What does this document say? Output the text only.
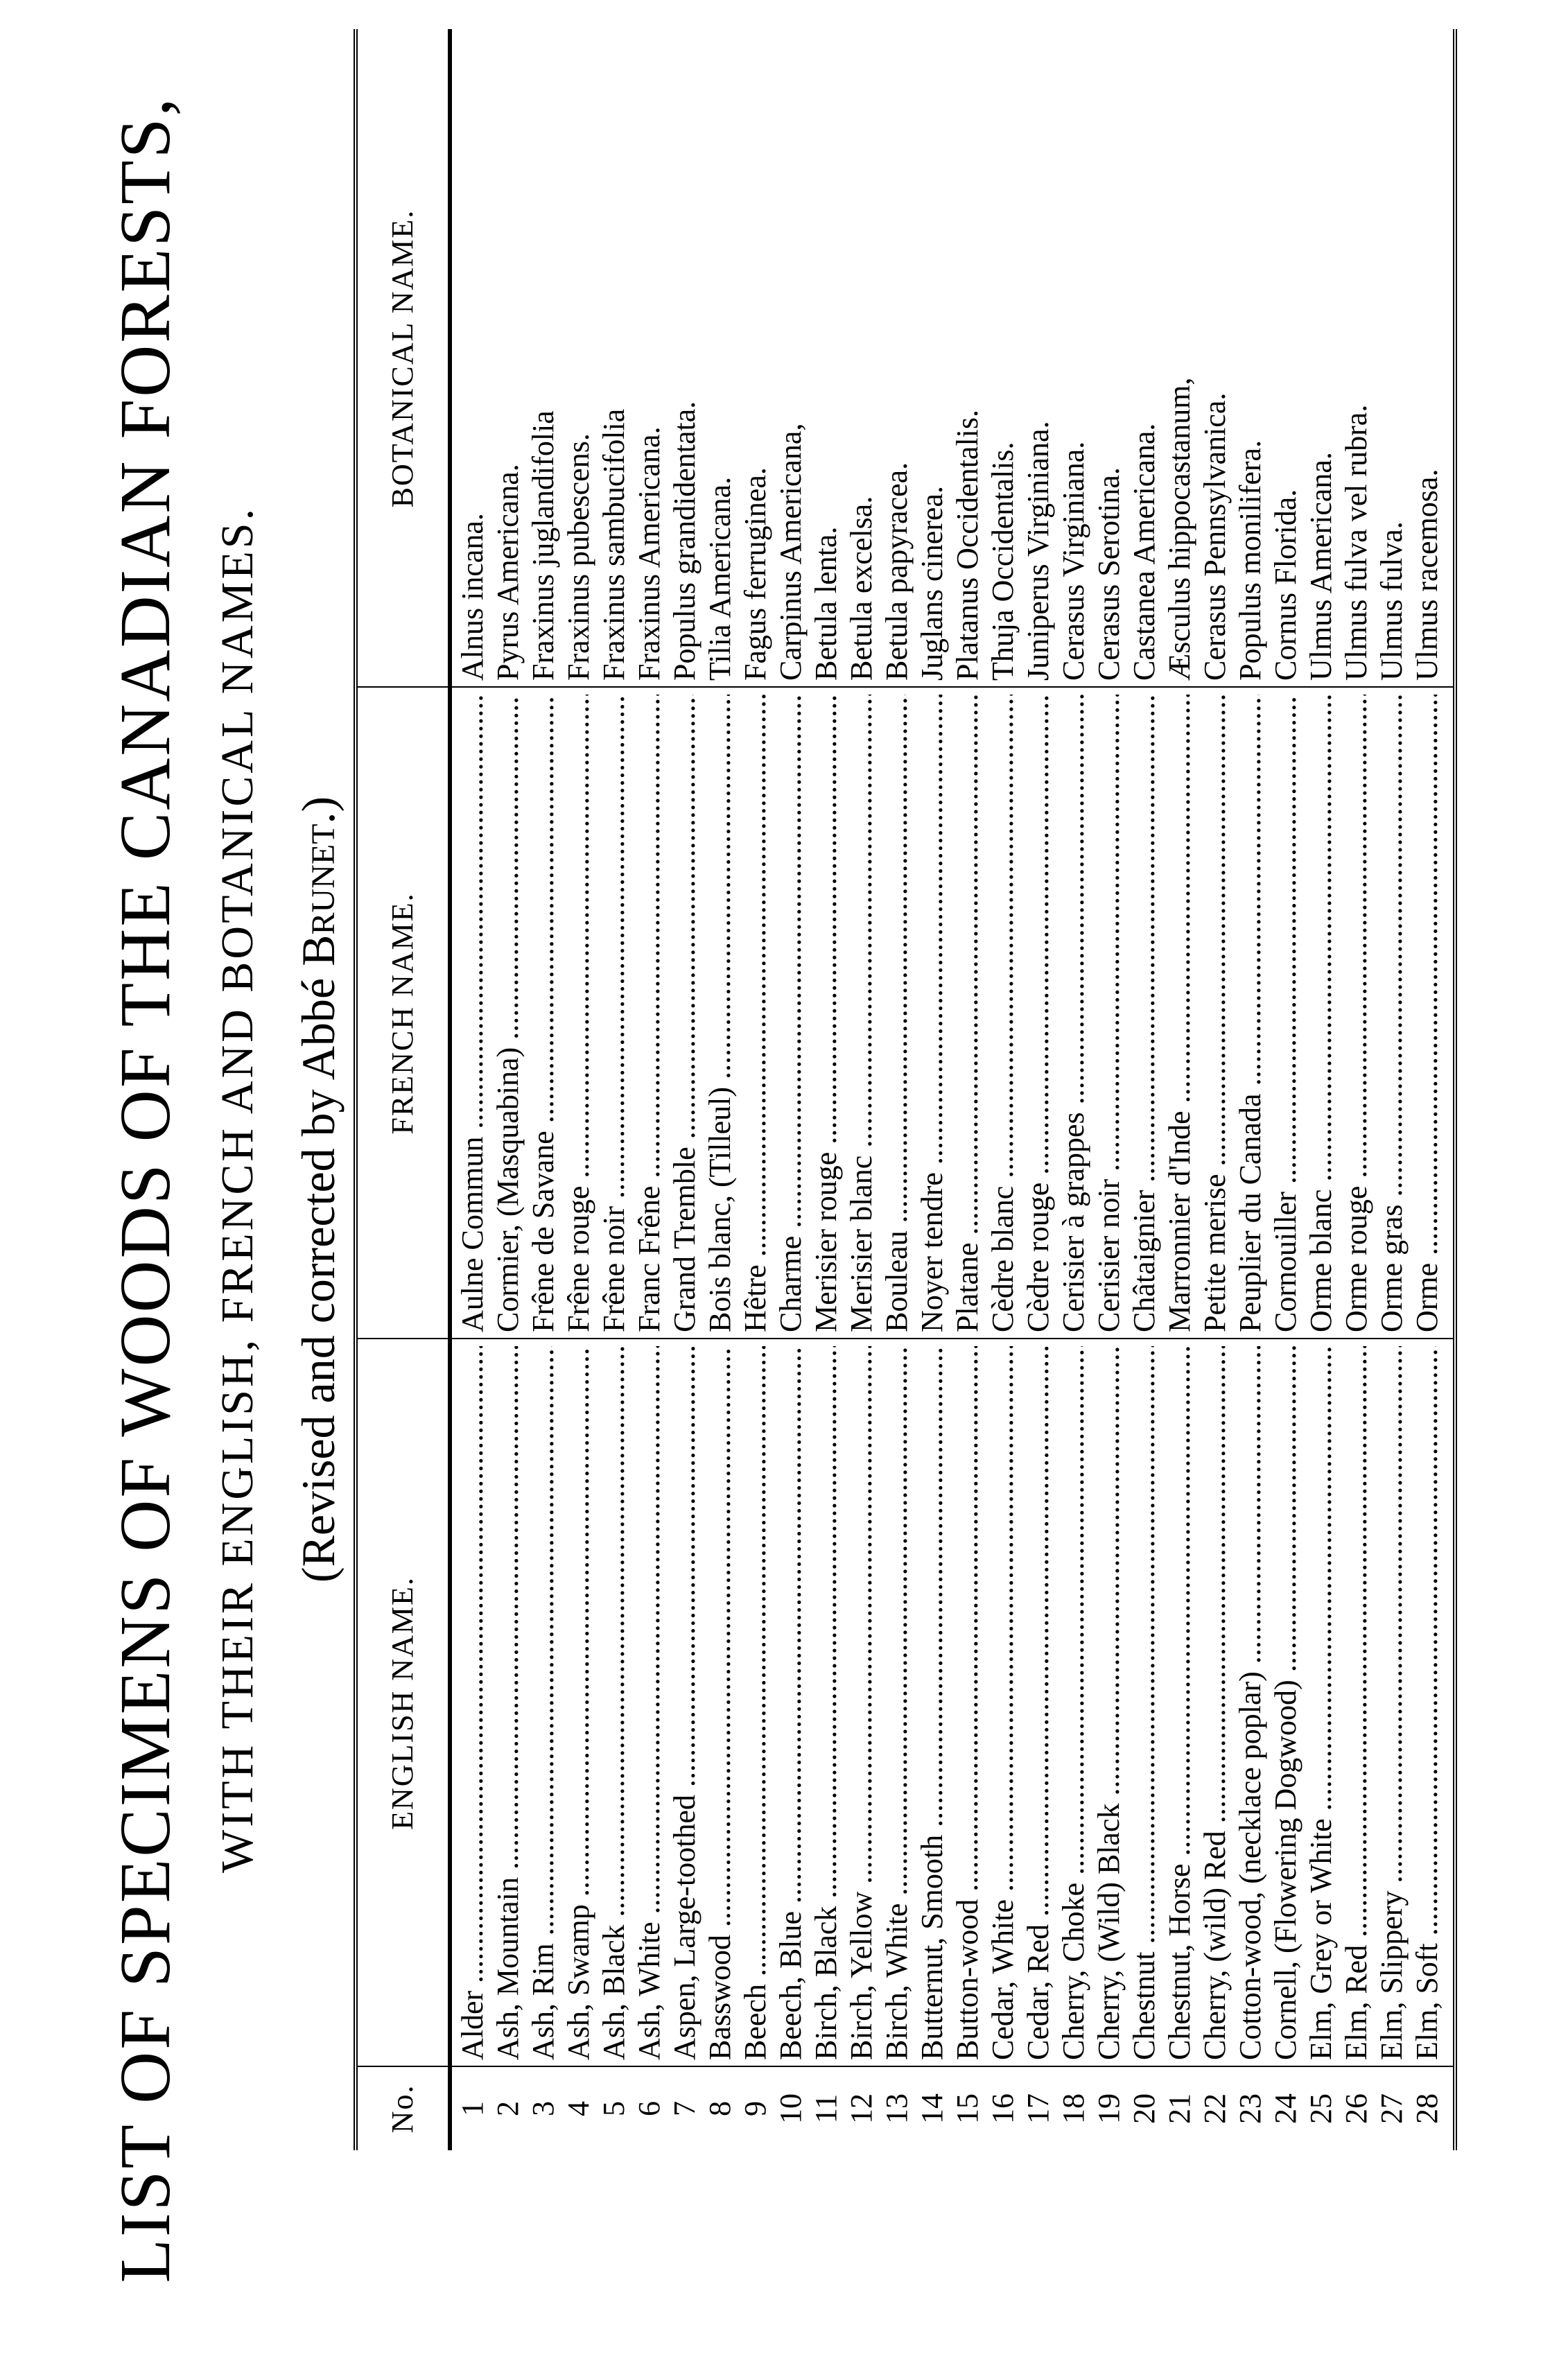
LIST OF SPECIMENS OF WOODS OF THE CANADIAN FORESTS, WITH THEIR ENGLISH, FRENCH AND BOTANICAL NAMES. (Revised and corrected by Abbé Brunet.)
No.
ENGLISH NAME.
FRENCH NAME.
BOTANICAL NAME.
1
Alder .....
Aulne Commun .....
Alnus incana.
2
Ash, Mountain .....
Cormier, (Masquabina) .....
Pyrus Americana.
3
Ash, Rim .....
Frêne de Savane .....
Fraxinus juglandifolia
4
Ash, Swamp .....
Frêne rouge .....
Fraxinus pubescens.
5
Ash, Black .....
Frêne noir .....
Fraxinus sambucifolia
6
Ash, White .....
Franc Frêne .....
Fraxinus Americana.
7
Aspen, Large-toothed .....
Grand Tremble .....
Populus grandidentata.
8
Basswood .....
Bois blanc, (Tilleul) .....
Tilia Americana.
9
Beech .....
Hêtre .....
Fagus ferruginea.
10
Beech, Blue .....
Charme .....
Carpinus Americana,
11
Birch, Black .....
Merisier rouge .....
Betula lenta.
12
Birch, Yellow .....
Merisier blanc .....
Betula excelsa.
13
Birch, White .....
Bouleau .....
Betula papyracea.
14
Butternut, Smooth .....
Noyer tendre .....
Juglans cinerea.
15
Button-wood .....
Platane .....
Platanus Occidentalis.
16
Cedar, White .....
Cèdre blanc .....
Thuja Occidentalis.
17
Cedar, Red .....
Cèdre rouge .....
Juniperus Virginiana.
18
Cherry, Choke .....
Cerisier à grappes .....
Cerasus Virginiana.
19
Cherry, (Wild) Black .....
Cerisier noir .....
Cerasus Serotina.
20
Chestnut .....
Châtaignier .....
Castanea Americana.
21
Chestnut, Horse .....
Marronnier d'Inde .....
Æsculus hippocastanum,
22
Cherry, (wild) Red .....
Petite merise .....
Cerasus Pennsylvanica.
23
Cotton-wood, (necklace poplar) .....
Peuplier du Canada .....
Populus monilifera.
24
Cornell, (Flowering Dogwood) .....
Cornouiller .....
Cornus Florida.
25
Elm, Grey or White .....
Orme blanc .....
Ulmus Americana.
26
Elm, Red .....
Orme rouge .....
Ulmus fulva vel rubra.
27
Elm, Slippery .....
Orme gras .....
Ulmus fulva.
28
Elm, Soft .....
Orme .....
Ulmus racemosa.
